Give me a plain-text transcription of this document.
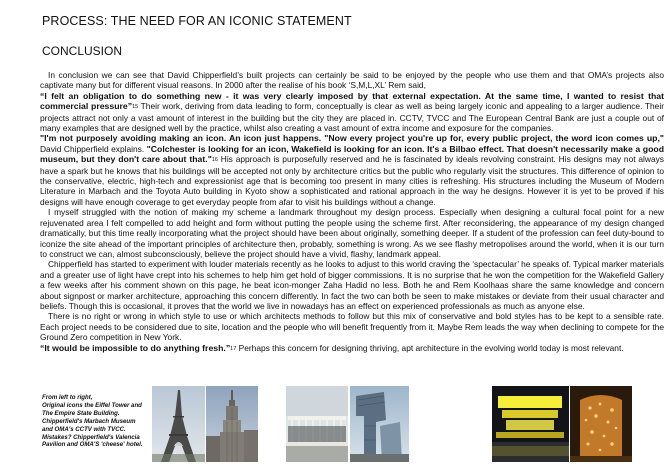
PROCESS: THE NEED FOR AN ICONIC STATEMENT
CONCLUSION

In conclusion we can see that David Chipperfield’s built projects can certainly be said to be enjoyed by the people who use them and that OMA’s projects also captivate many but for different visual reasons. In 2000 after the realise of his book ‘S,M,L,XL’ Rem said,
“I felt an obligation to do something new - it was very clearly imposed by that external expectation. At the same time, I wanted to resist that commercial pressure”15 Their work, deriving from data leading to form, conceptually is clear as well as being largely iconic and appealing to a larger audience. Their projects attract not only a vast amount of interest in the building but the city they are placed in. CCTV, TVCC and The European Central Bank are just a couple out of many examples that are designed well by the practice, whilst also creating a vast amount of extra income and exposure for the companies.

"I'm not purposely avoiding making an icon. An icon just happens. "Now every project you're up for, every public project, the word icon comes up," David Chipperfield explains. "Colchester is looking for an icon, Wakefield is looking for an icon. It's a Bilbao effect. That doesn't necessarily make a good museum, but they don't care about that."16 His approach is purposefully reserved and he is fascinated by ideals revolving constraint. His designs may not always have a spark but he knows that his buildings will be accepted not only by architecture critics but the public who regularly visit the structures. This difference of opinion to the conservative, electric, high-tech and expressionist age that is becoming too present in many cities is refreshing. His structures including the Museum of Modern Literature in Marbach and the Toyota Auto building in Kyoto show a sophisticated and rational approach in the way he designs. However it is yet to be proved if his designs will have enough coverage to get everyday people from afar to visit his buildings without a change.

I myself struggled with the notion of making my scheme a landmark throughout my design process. Especially when designing a cultural focal point for a new rejuvenated area I felt compelled to add height and form without putting the people using the scheme first. After reconsidering, the appearance of my design changed dramatically, but this time really incorporating what the project should have been about originally, something deeper. If a student of the profession can feel duty-bound to iconize the site ahead of the important principles of architecture then, probably, something is wrong. As we see flashy metropolises around the world, when it is our turn to construct we can, almost subconsciously, believe the project should have a vivid, flashy, landmark appeal.

Chipperfield has started to experiment with louder materials recently as he looks to adjust to this world craving the ‘spectacular’ he speaks of. Typical marker materials and a greater use of light have crept into his schemes to help him get hold of bigger commissions. It is no surprise that he won the competition for the Wakefield Gallery a few weeks after his comment shown on this page, he beat icon-monger Zaha Hadid no less. Both he and Rem Koolhaas share the same knowledge and concern about signpost or marker architecture, approaching this concern differently. In fact the two can both be seen to make mistakes or deviate from their usual character and beliefs. Though this is occasional, it proves that the world we live in nowadays has an effect on experienced professionals as much as anyone else.

There is no right or wrong in which style to use or which architects methods to follow but this mix of conservative and bold styles has to be kept to a sensible rate. Each project needs to be considered due to site, location and the people who will benefit frequently from it. Maybe Rem leads the way when declining to compete for the Ground Zero competition in New York.

“It would be impossible to do anything fresh.”17 Perhaps this concern for designing thriving, apt architecture in the evolving world today is most relevant.

From left to right,
Original icons the Eiffel Tower and
The Empire State Building.
Chipperfield's Marbach Museum
and OMA's CCTV with TVCC.
Mistakes? Chipperfield's Valencia
Pavilion and OMA'S 'cheese' hotel.
